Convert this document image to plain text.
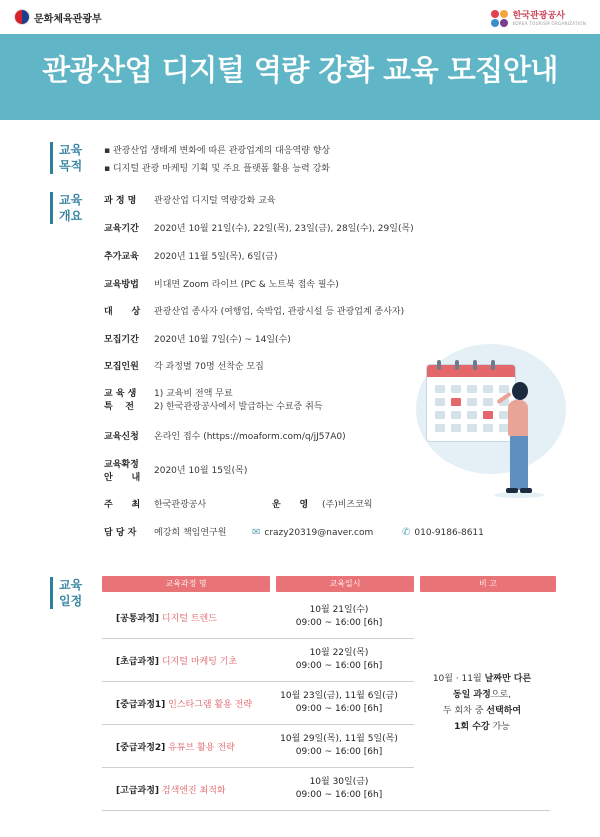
문화체육관광부	한국관광공사
KOREA TOURISM ORGANIZATION
관광산업 디지털 역량 강화 교육 모집안내
교육
목적
교육
개요
교육
일정
▪ 관광산업 생태계 변화에 따른 관광업계의 대응역량 향상
▪ 디지털 관광 마케팅 기획 및 주요 플랫폼 활용 능력 강화
과 정 명	관광산업 디지털 역량강화 교육
교육기간	2020년 10월 21일(수), 22일(목), 23일(금), 28일(수), 29일(목)
추가교육	2020년 11월 5일(목), 6일(금)
교육방법	비대면 Zoom 라이브 (PC & 노트북 접속 필수)
대      상	관광산업 종사자 (여행업, 숙박업, 관광시설 등 관광업계 종사자)
모집기간	2020년 10월 7일(수) ~ 14일(수)
모집인원	각 과정별 70명 선착순 모집
교 육 생
특    전
1) 교육비 전액 무료
2) 한국관광공사에서 발급하는 수료증 취득
교육신청	온라인 접수 (https://moaform.com/q/jJ57A0)
교육확정
안      내
2020년 10월 15일(목)
주      최	한국관광공사	운      영	(주)비즈코웍
담 당 자	예강희 책임연구원	✉ crazy20319@naver.com	✆ 010-9186-8611
교육과정 명	교육일시	비 고
[공통과정] 디지털 트렌드
10월 21일(수)
09:00 ~ 16:00 [6h]
[초급과정] 디지털 마케팅 기초
10월 22일(목)
09:00 ~ 16:00 [6h]
[중급과정1] 인스타그램 활용 전략
10월 23일(금), 11월 6일(금)
09:00 ~ 16:00 [6h]
[중급과정2] 유튜브 활용 전략
10월 29일(목), 11월 5일(목)
09:00 ~ 16:00 [6h]
[고급과정] 검색엔진 최적화
10월 30일(금)
09:00 ~ 16:00 [6h]
10월 · 11월 날짜만 다른
동일 과정으로,
두 회차 중 선택하여
1회 수강 가능
